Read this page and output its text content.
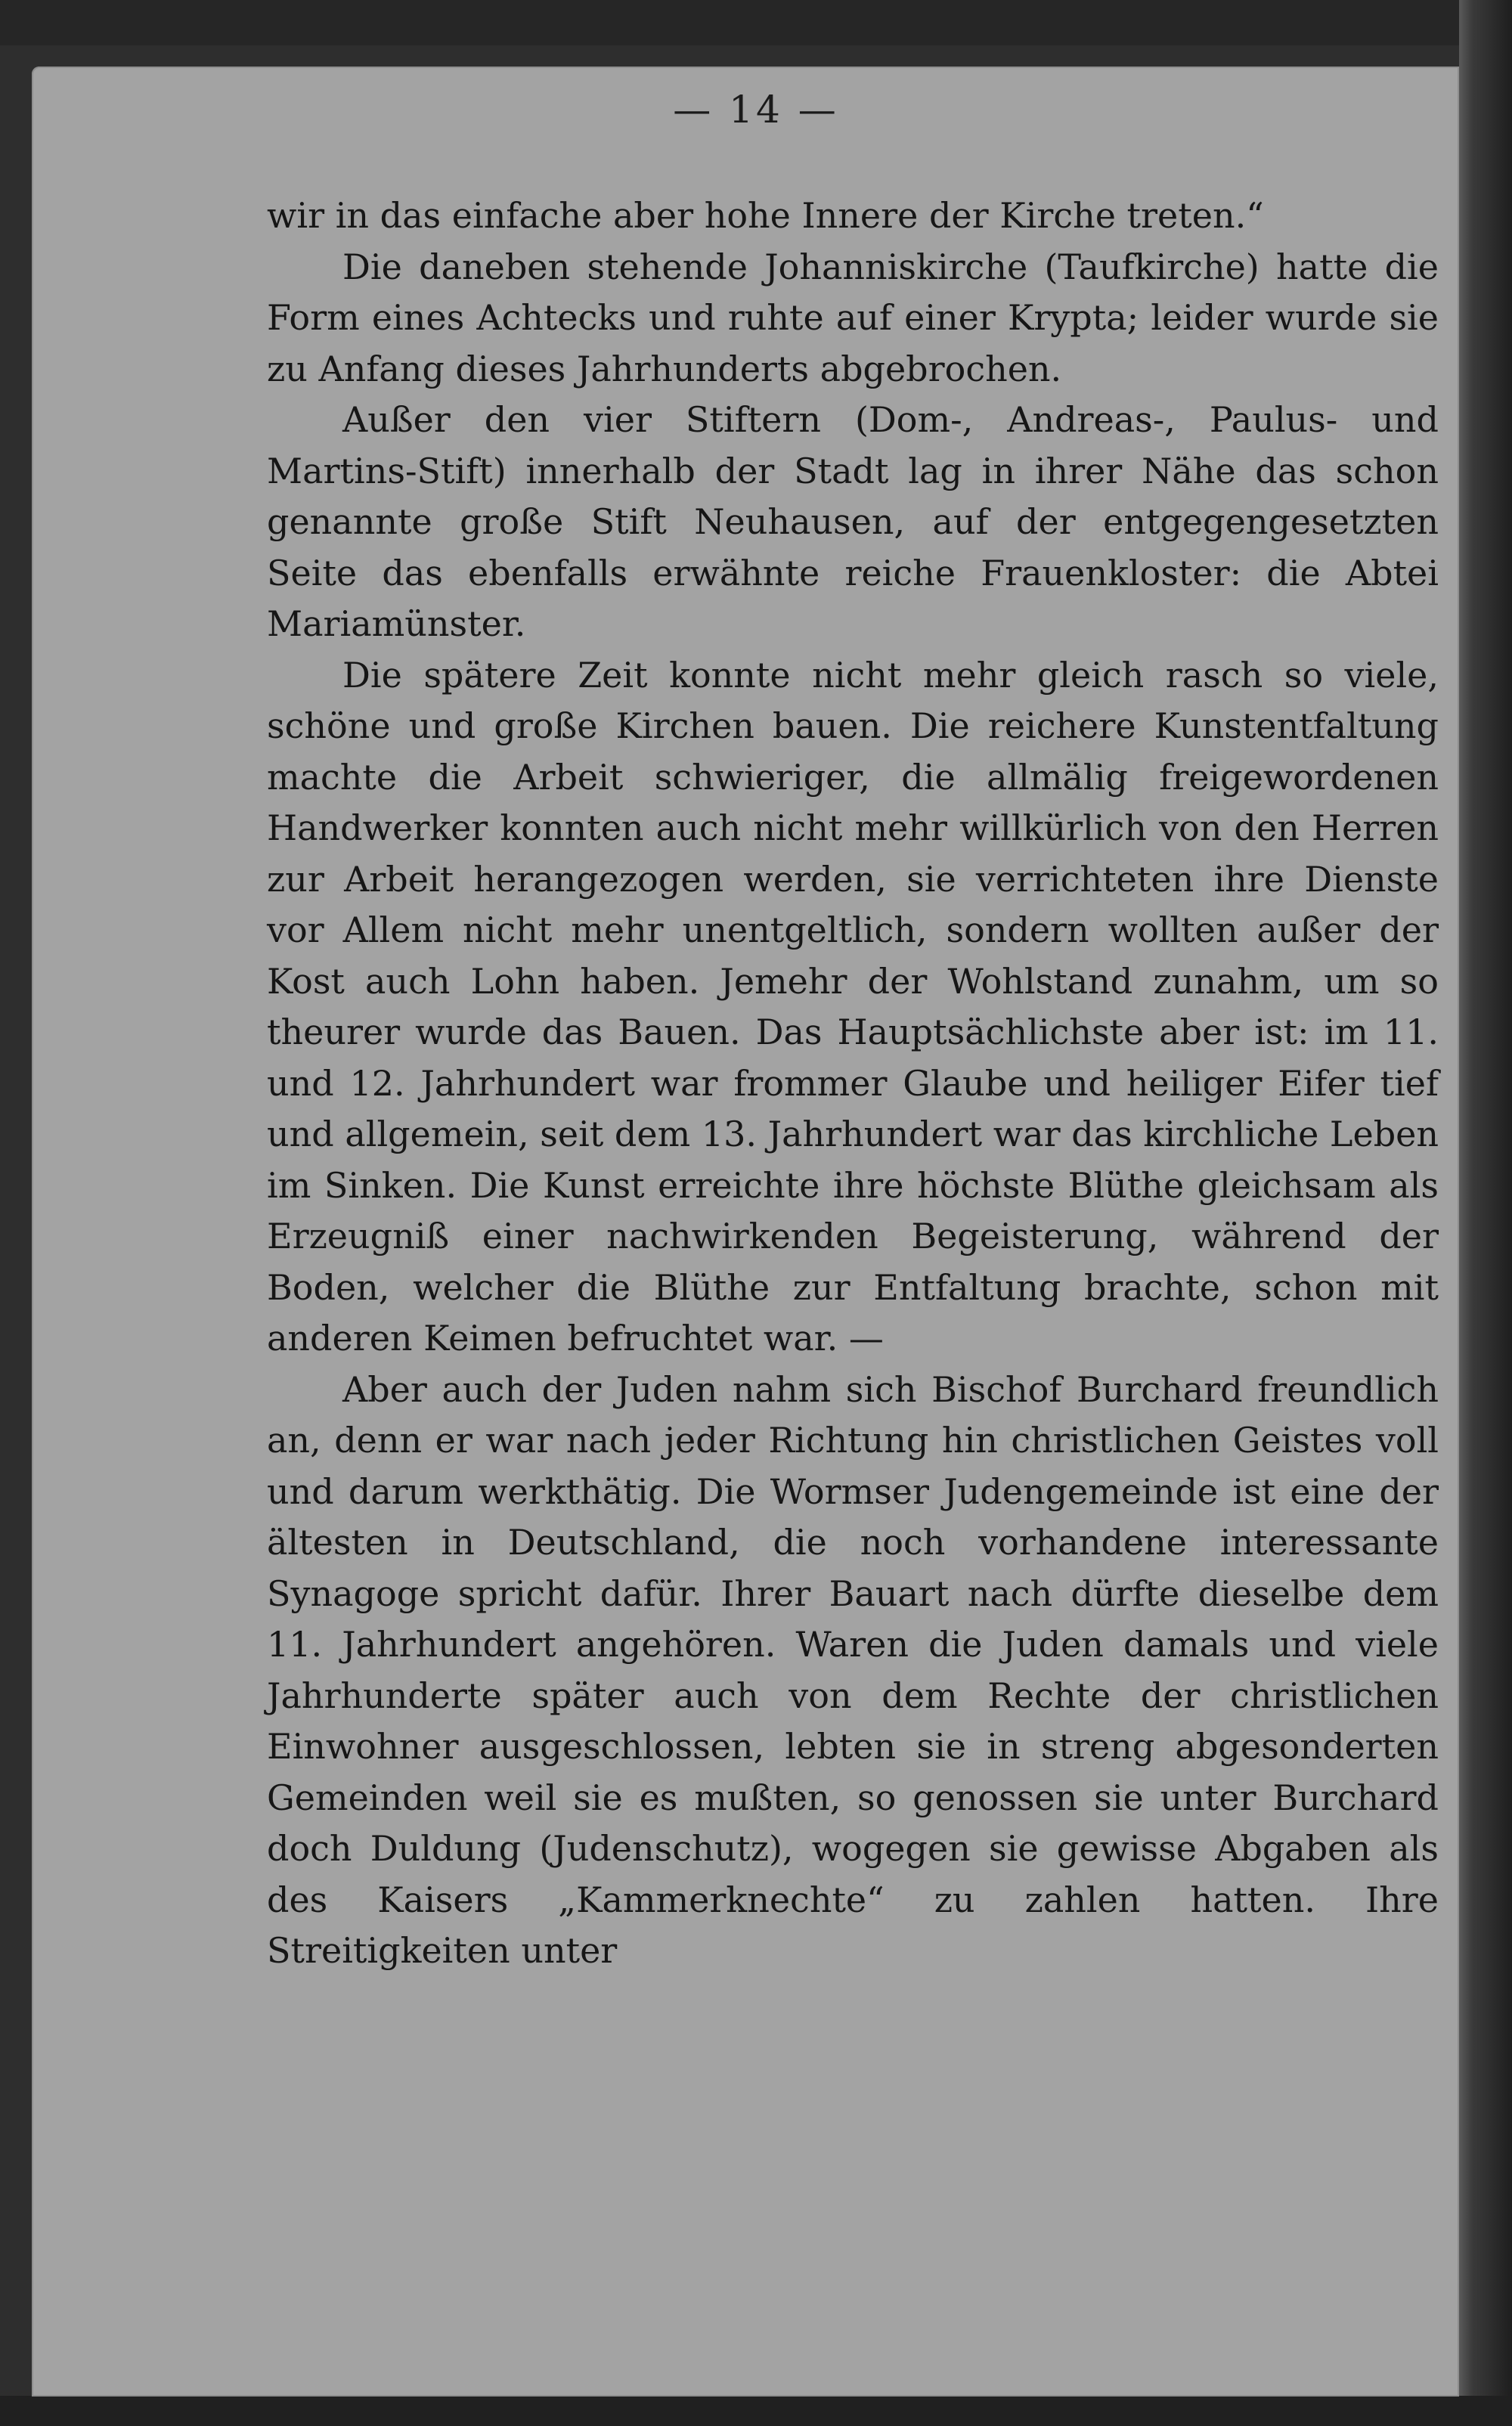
— 14 —

wir in das einfache aber hohe Innere der Kirche treten.“

Die daneben stehende Johanniskirche (Taufkirche) hatte die Form eines Achtecks und ruhte auf einer Krypta; leider wurde sie zu Anfang dieses Jahrhunderts abgebrochen.

Außer den vier Stiftern (Dom-, Andreas-, Paulus- und Martins-Stift) innerhalb der Stadt lag in ihrer Nähe das schon genannte große Stift Neuhausen, auf der entgegengesetzten Seite das ebenfalls erwähnte reiche Frauenkloster: die Abtei Mariamünster.

Die spätere Zeit konnte nicht mehr gleich rasch so viele, schöne und große Kirchen bauen. Die reichere Kunstentfaltung machte die Arbeit schwieriger, die allmälig freigewordenen Handwerker konnten auch nicht mehr willkürlich von den Herren zur Arbeit herangezogen werden, sie verrichteten ihre Dienste vor Allem nicht mehr unentgeltlich, sondern wollten außer der Kost auch Lohn haben. Jemehr der Wohlstand zunahm, um so theurer wurde das Bauen. Das Hauptsächlichste aber ist: im 11. und 12. Jahrhundert war frommer Glaube und heiliger Eifer tief und allgemein, seit dem 13. Jahrhundert war das kirchliche Leben im Sinken. Die Kunst erreichte ihre höchste Blüthe gleichsam als Erzeugniß einer nachwirkenden Begeisterung, während der Boden, welcher die Blüthe zur Entfaltung brachte, schon mit anderen Keimen befruchtet war. —

Aber auch der Juden nahm sich Bischof Burchard freundlich an, denn er war nach jeder Richtung hin christlichen Geistes voll und darum werkthätig. Die Wormser Judengemeinde ist eine der ältesten in Deutschland, die noch vorhandene interessante Synagoge spricht dafür. Ihrer Bauart nach dürfte dieselbe dem 11. Jahrhundert angehören. Waren die Juden damals und viele Jahrhunderte später auch von dem Rechte der christlichen Einwohner ausgeschlossen, lebten sie in streng abgesonderten Gemeinden weil sie es mußten, so genossen sie unter Burchard doch Duldung (Judenschutz), wogegen sie gewisse Abgaben als des Kaisers „Kammerknechte“ zu zahlen hatten. Ihre Streitigkeiten unter
